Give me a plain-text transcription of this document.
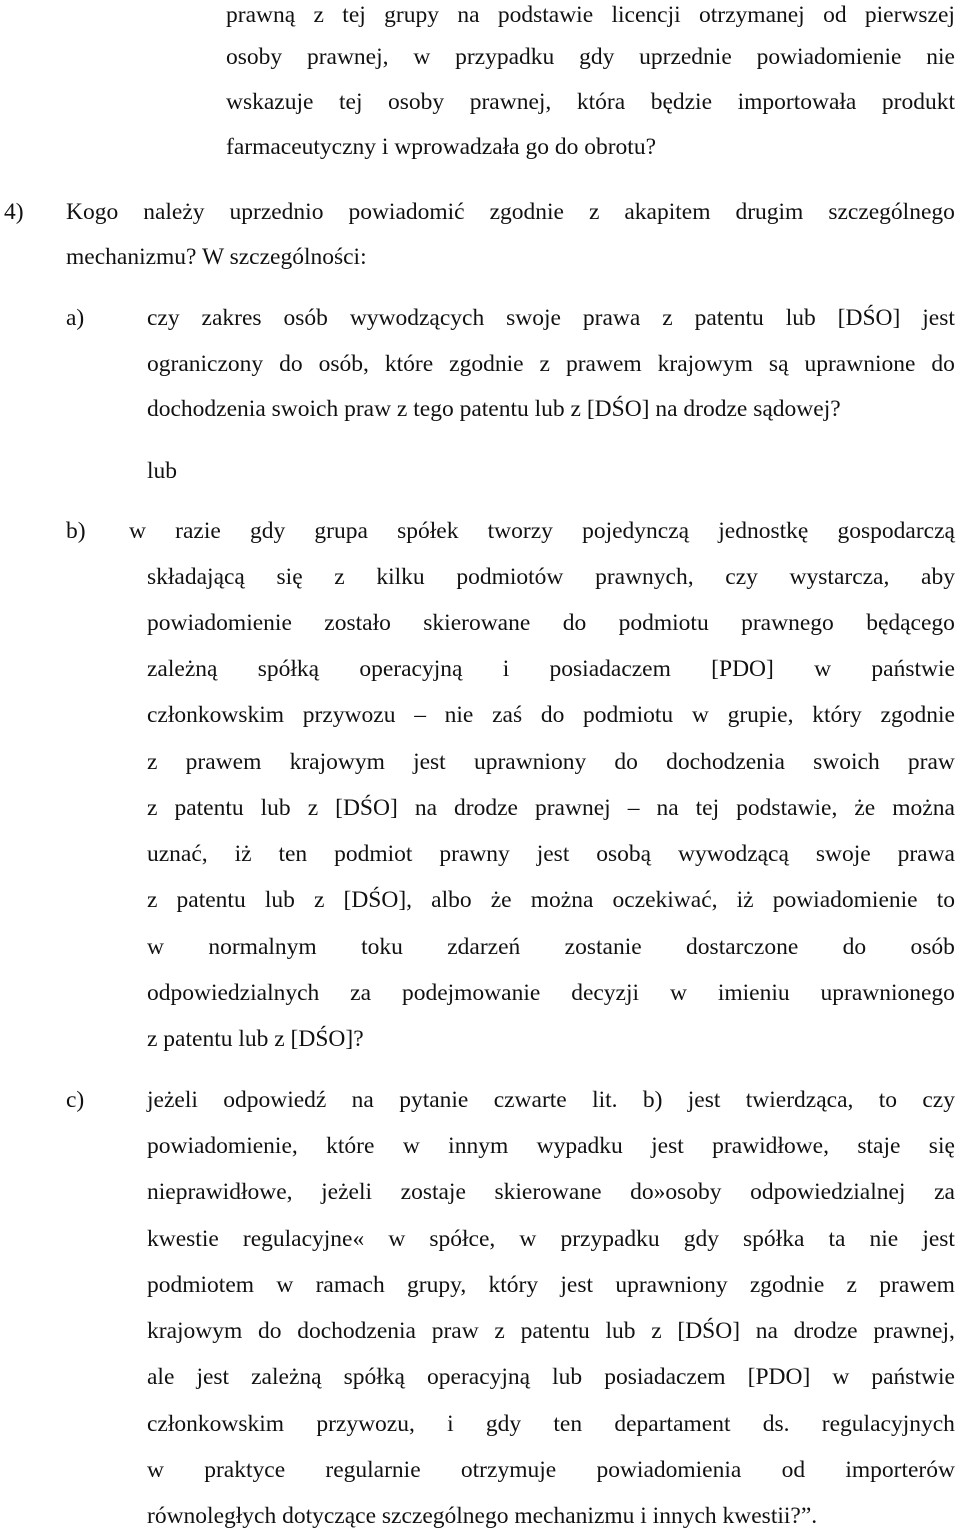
prawną z tej grupy na podstawie licencji otrzymanej od pierwszej
osoby prawnej, w przypadku gdy uprzednie powiadomienie nie
wskazuje tej osoby prawnej, która będzie importowała produkt
farmaceutyczny i wprowadzała go do obrotu?
4) Kogo należy uprzednio powiadomić zgodnie z akapitem drugim szczególnego
mechanizmu? W szczególności:
a)	czy zakres osób wywodzących swoje prawa z patentu lub [DŚO] jest
ograniczony do osób, które zgodnie z prawem krajowym są uprawnione do
dochodzenia swoich praw z tego patentu lub z [DŚO] na drodze sądowej?
lub
b) w razie gdy grupa spółek tworzy pojedynczą jednostkę gospodarczą
składającą się z kilku podmiotów prawnych, czy wystarcza, aby
powiadomienie zostało skierowane do podmiotu prawnego będącego
zależną spółką operacyjną i posiadaczem [PDO] w państwie
członkowskim przywozu – nie zaś do podmiotu w grupie, który zgodnie
z prawem krajowym jest uprawniony do dochodzenia swoich praw
z patentu lub z [DŚO] na drodze prawnej – na tej podstawie, że można
uznać, iż ten podmiot prawny jest osobą wywodzącą swoje prawa
z patentu lub z [DŚO], albo że można oczekiwać, iż powiadomienie to
w normalnym toku zdarzeń zostanie dostarczone do osób
odpowiedzialnych za podejmowanie decyzji w imieniu uprawnionego
z patentu lub z [DŚO]?
c)	jeżeli odpowiedź na pytanie czwarte lit. b) jest twierdząca, to czy
powiadomienie, które w innym wypadku jest prawidłowe, staje się
nieprawidłowe, jeżeli zostaje skierowane do»osoby odpowiedzialnej za
kwestie regulacyjne« w spółce, w przypadku gdy spółka ta nie jest
podmiotem w ramach grupy, który jest uprawniony zgodnie z prawem
krajowym do dochodzenia praw z patentu lub z [DŚO] na drodze prawnej,
ale jest zależną spółką operacyjną lub posiadaczem [PDO] w państwie
członkowskim przywozu, i gdy ten departament ds. regulacyjnych
w praktyce regularnie otrzymuje powiadomienia od importerów
równoległych dotyczące szczególnego mechanizmu i innych kwestii?”.
